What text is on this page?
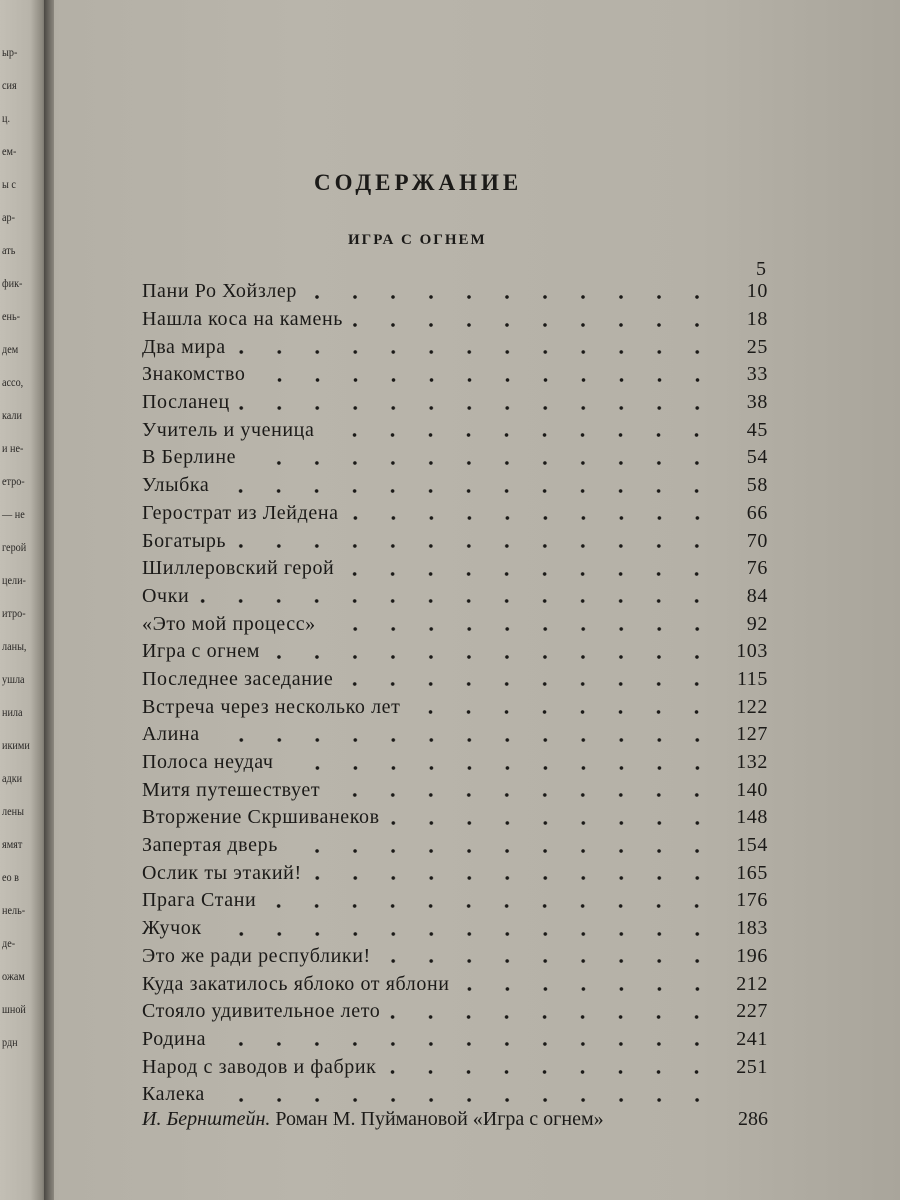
ыр-
сия
ц.
ем-
ы с
ар-
ать
фик-
ень-
дем
ассо,
кали
и не-
етро-
— не
герой
цели-
итро-
ланы,
ушла
нила
икими
адки
лены
ямят
ео в
нель-
де-
ожам
шной
рдн
СОДЕРЖАНИЕ
ИГРА С ОГНЕМ
5
Пани Ро Хойзлер	10
Нашла коса на камень	18
Два мира	25
Знакомство	33
Посланец	38
Учитель и ученица	45
В Берлине	54
Улыбка	58
Герострат из Лейдена	66
Богатырь	70
Шиллеровский герой	76
Очки	84
«Это мой процесс»	92
Игра с огнем	103
Последнее заседание	115
Встреча через несколько лет	122
Алина	127
Полоса неудач	132
Митя путешествует	140
Вторжение Скршиванеков	148
Запертая дверь	154
Ослик ты этакий!	165
Прага Стани	176
Жучок	183
Это же ради республики!	196
Куда закатилось яблоко от яблони	212
Стояло удивительное лето	227
Родина	241
Народ с заводов и фабрик	251
Калека
И. Бернштейн. Роман М. Пуймановой «Игра с огнем»	286
